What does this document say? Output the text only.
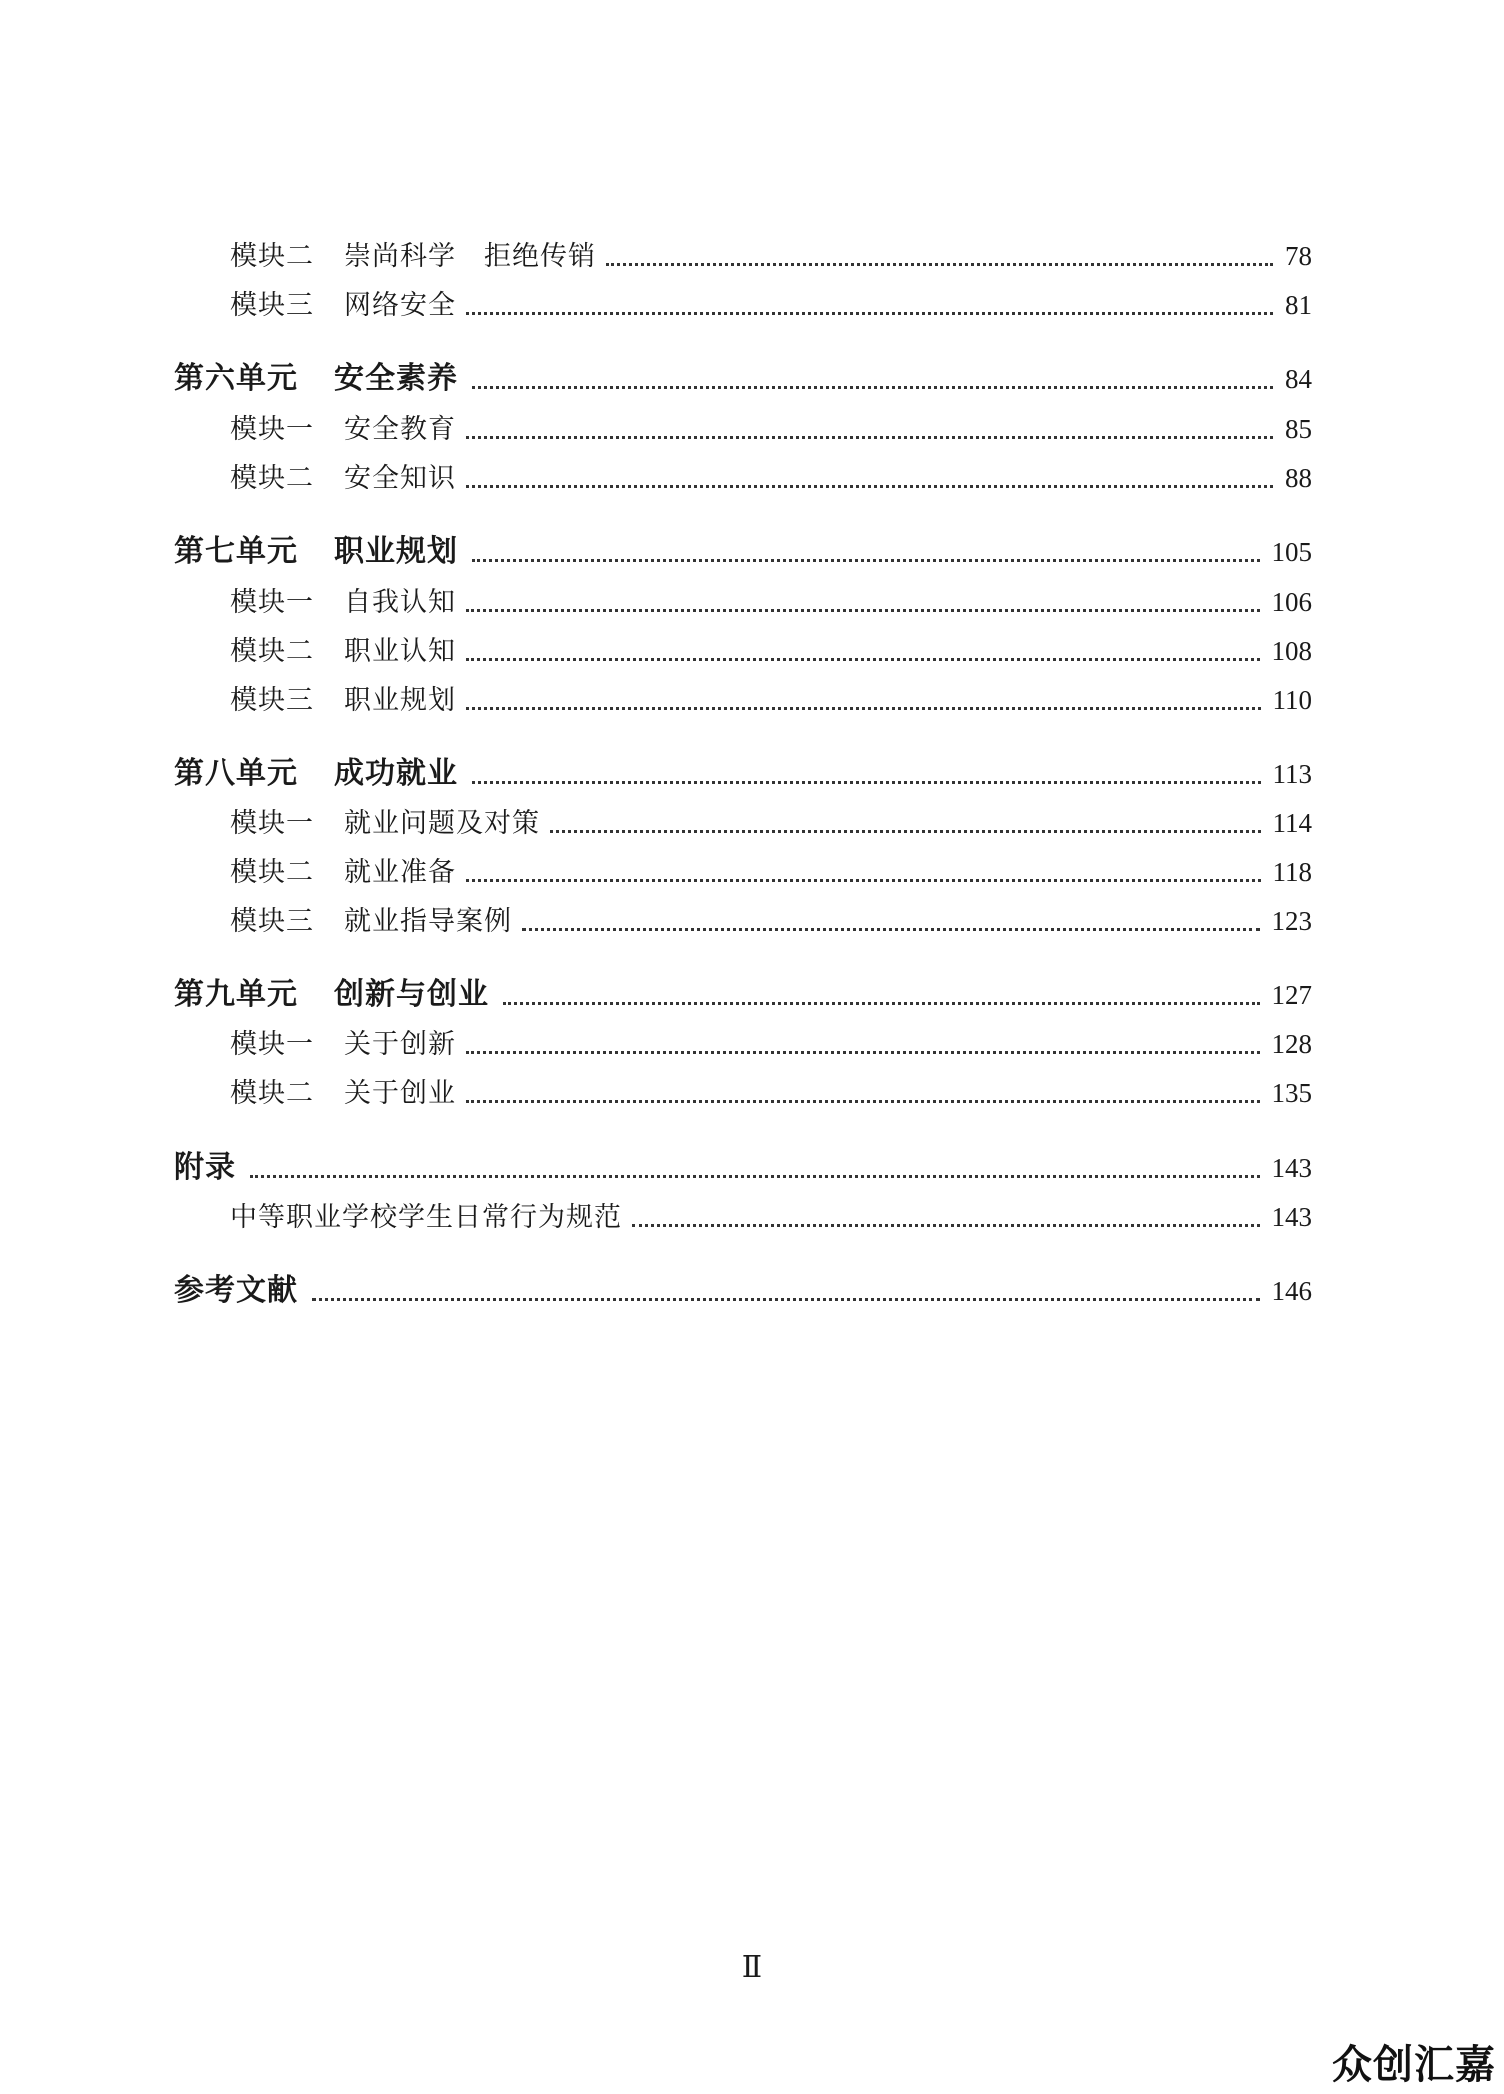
模块二 崇尚科学　拒绝传销	78
模块三 网络安全	81
第六单元 安全素养	84
模块一 安全教育	85
模块二 安全知识	88
第七单元 职业规划	105
模块一 自我认知	106
模块二 职业认知	108
模块三 职业规划	110
第八单元 成功就业	113
模块一 就业问题及对策	114
模块二 就业准备	118
模块三 就业指导案例	123
第九单元 创新与创业	127
模块一 关于创新	128
模块二 关于创业	135
附录	143
中等职业学校学生日常行为规范	143
参考文献	146
Ⅱ
众创汇嘉
